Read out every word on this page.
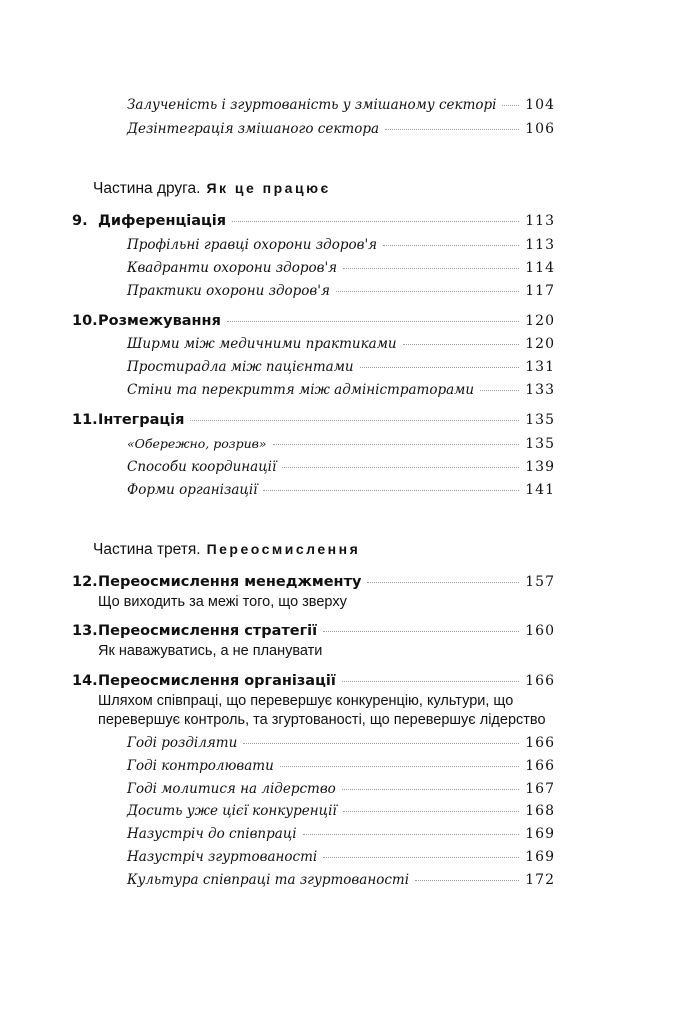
Залученість і згуртованість у змішаному секторі 104
Дезінтеграція змішаного сектора	106
Частина друга. Як це працює
9. Диференціація	113
Профільні гравці охорони здоров'я	113
Квадранти охорони здоров'я	114
Практики охорони здоров'я	117
10. Розмежування	120
Ширми між медичними практиками	120
Простирадла між пацієнтами	131
Стіни та перекриття між адміністраторами	133
11. Інтеграція	135
«Обережно, розрив»	135
Способи координації	139
Форми організації	141
Частина третя. Переосмислення
12. Переосмислення менеджменту	157
Що виходить за межі того, що зверху
13. Переосмислення стратегії	160
Як наважуватись, а не планувати
14. Переосмислення організації	166
Шляхом співпраці, що перевершує конкуренцію, культури, що
перевершує контроль, та згуртованості, що перевершує лідерство
Годі розділяти	166
Годі контролювати	166
Годі молитися на лідерство	167
Досить уже цієї конкуренції	168
Назустріч до співпраці	169
Назустріч згуртованості	169
Культура співпраці та згуртованості	172
